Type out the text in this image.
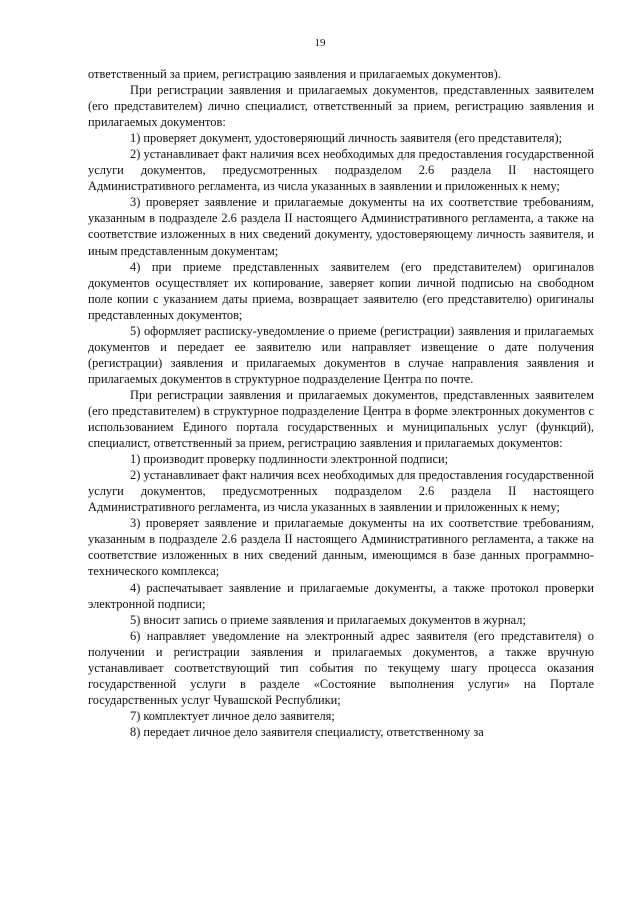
19

ответственный за прием, регистрацию заявления и прилагаемых документов).

При регистрации заявления и прилагаемых документов, представленных заявителем (его представителем) лично специалист, ответственный за прием, регистрацию заявления и прилагаемых документов:

1) проверяет документ, удостоверяющий личность заявителя (его представителя);

2) устанавливает факт наличия всех необходимых для предоставления государственной услуги документов, предусмотренных подразделом 2.6 раздела II настоящего Административного регламента, из числа указанных в заявлении и приложенных к нему;

3) проверяет заявление и прилагаемые документы на их соответствие требованиям, указанным в подразделе 2.6 раздела II настоящего Административного регламента, а также на соответствие изложенных в них сведений документу, удостоверяющему личность заявителя, и иным представленным документам;

4) при приеме представленных заявителем (его представителем) оригиналов документов осуществляет их копирование, заверяет копии личной подписью на свободном поле копии с указанием даты приема, возвращает заявителю (его представителю) оригиналы представленных документов;

5) оформляет расписку-уведомление о приеме (регистрации) заявления и прилагаемых документов и передает ее заявителю или направляет извещение о дате получения (регистрации) заявления и прилагаемых документов в случае направления заявления и прилагаемых документов в структурное подразделение Центра по почте.

При регистрации заявления и прилагаемых документов, представленных заявителем (его представителем) в структурное подразделение Центра в форме электронных документов с использованием Единого портала государственных и муниципальных услуг (функций), специалист, ответственный за прием, регистрацию заявления и прилагаемых документов:

1) производит проверку подлинности электронной подписи;

2) устанавливает факт наличия всех необходимых для предоставления государственной услуги документов, предусмотренных подразделом 2.6 раздела II настоящего Административного регламента, из числа указанных в заявлении и приложенных к нему;

3) проверяет заявление и прилагаемые документы на их соответствие требованиям, указанным в подразделе 2.6 раздела II настоящего Административного регламента, а также на соответствие изложенных в них сведений данным, имеющимся в базе данных программно-технического комплекса;

4) распечатывает заявление и прилагаемые документы, а также протокол проверки электронной подписи;

5) вносит запись о приеме заявления и прилагаемых документов в журнал;

6) направляет уведомление на электронный адрес заявителя (его представителя) о получении и регистрации заявления и прилагаемых документов, а также вручную устанавливает соответствующий тип события по текущему шагу процесса оказания государственной услуги в разделе «Состояние выполнения услуги» на Портале государственных услуг Чувашской Республики;

7) комплектует личное дело заявителя;

8) передает личное дело заявителя специалисту, ответственному за
